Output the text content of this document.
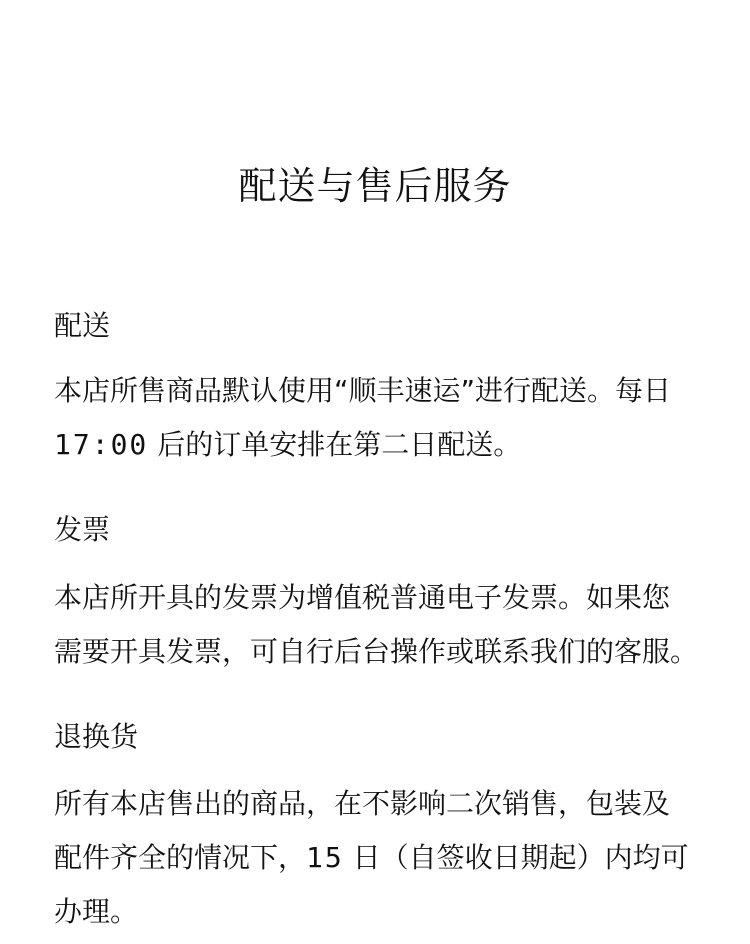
配送与售后服务
配送
本店所售商品默认使用“顺丰速运”进行配送。每日
17:00 后的订单安排在第二日配送。
发票
本店所开具的发票为增值税普通电子发票。如果您
需要开具发票，可自行后台操作或联系我们的客服。
退换货
所有本店售出的商品，在不影响二次销售，包装及
配件齐全的情况下，15 日（自签收日期起）内均可
办理。
